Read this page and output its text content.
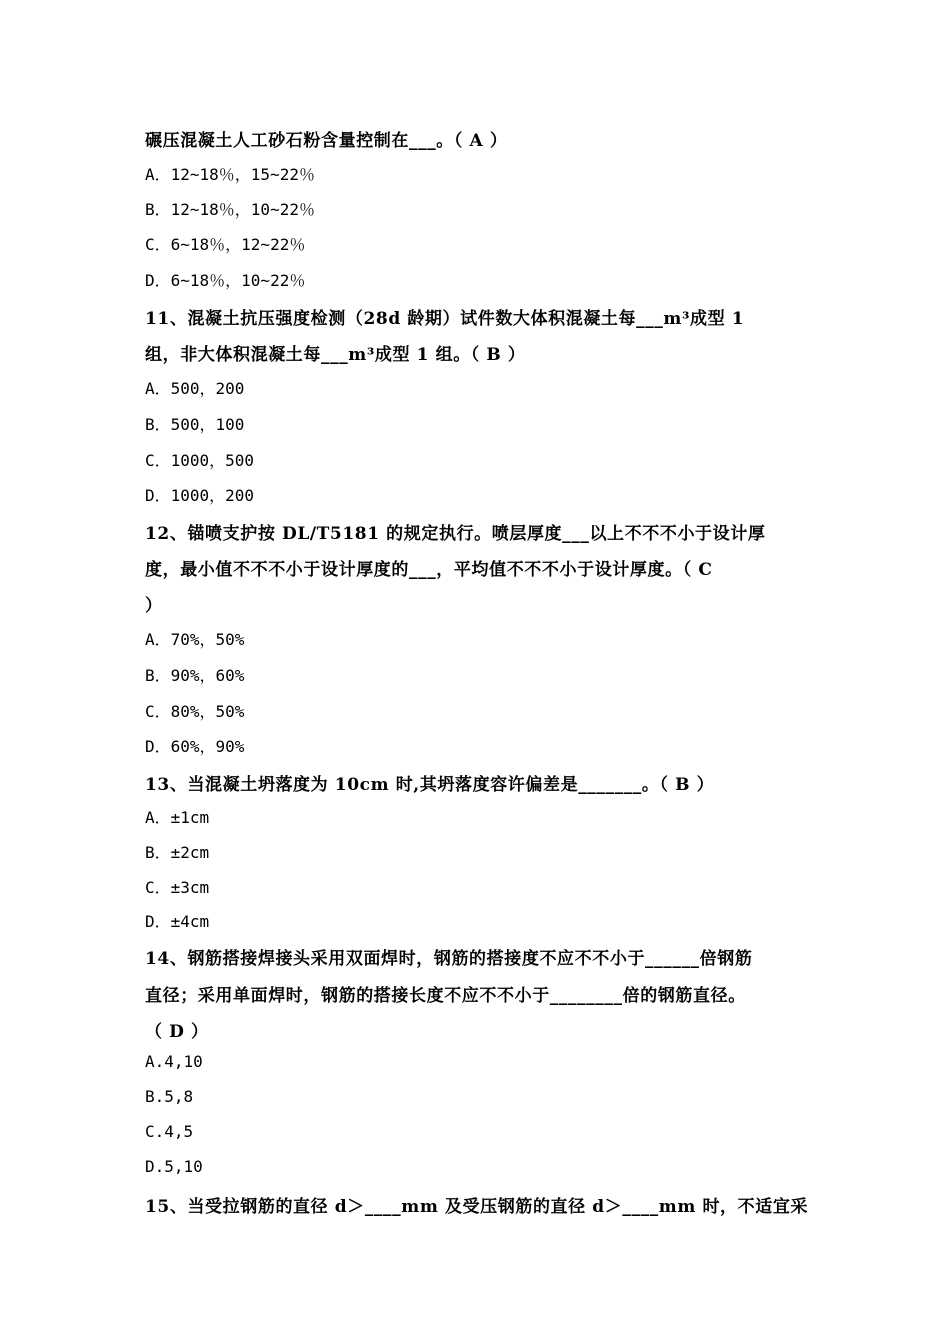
碾压混凝土人工砂石粉含量控制在___。（ A ）
A．12~18％，15~22％
B．12~18％，10~22％
C．6~18％，12~22％
D．6~18％，10~22％
11、混凝土抗压强度检测（28d 龄期）试件数大体积混凝土每___m³成型 1
组，非大体积混凝土每___m³成型 1 组。（ B ）
A．500，200
B．500，100
C．1000，500
D．1000，200
12、锚喷支护按 DL/T5181 的规定执行。喷层厚度___以上不不不小于设计厚
度，最小值不不不小于设计厚度的___，平均值不不不小于设计厚度。（ C
）
A．70%，50%
B．90%，60%
C．80%，50%
D．60%，90%
13、当混凝土坍落度为 10cm 时,其坍落度容许偏差是_______。（ B ）
A．±1cm
B．±2cm
C．±3cm
D．±4cm
14、钢筋搭接焊接头采用双面焊时，钢筋的搭接度不应不不小于______倍钢筋
直径；采用单面焊时，钢筋的搭接长度不应不不小于________倍的钢筋直径。
（ D ）
A.4,10
B.5,8
C.4,5
D.5,10
15、当受拉钢筋的直径 d＞____mm 及受压钢筋的直径 d＞____mm 时，不适宜采
